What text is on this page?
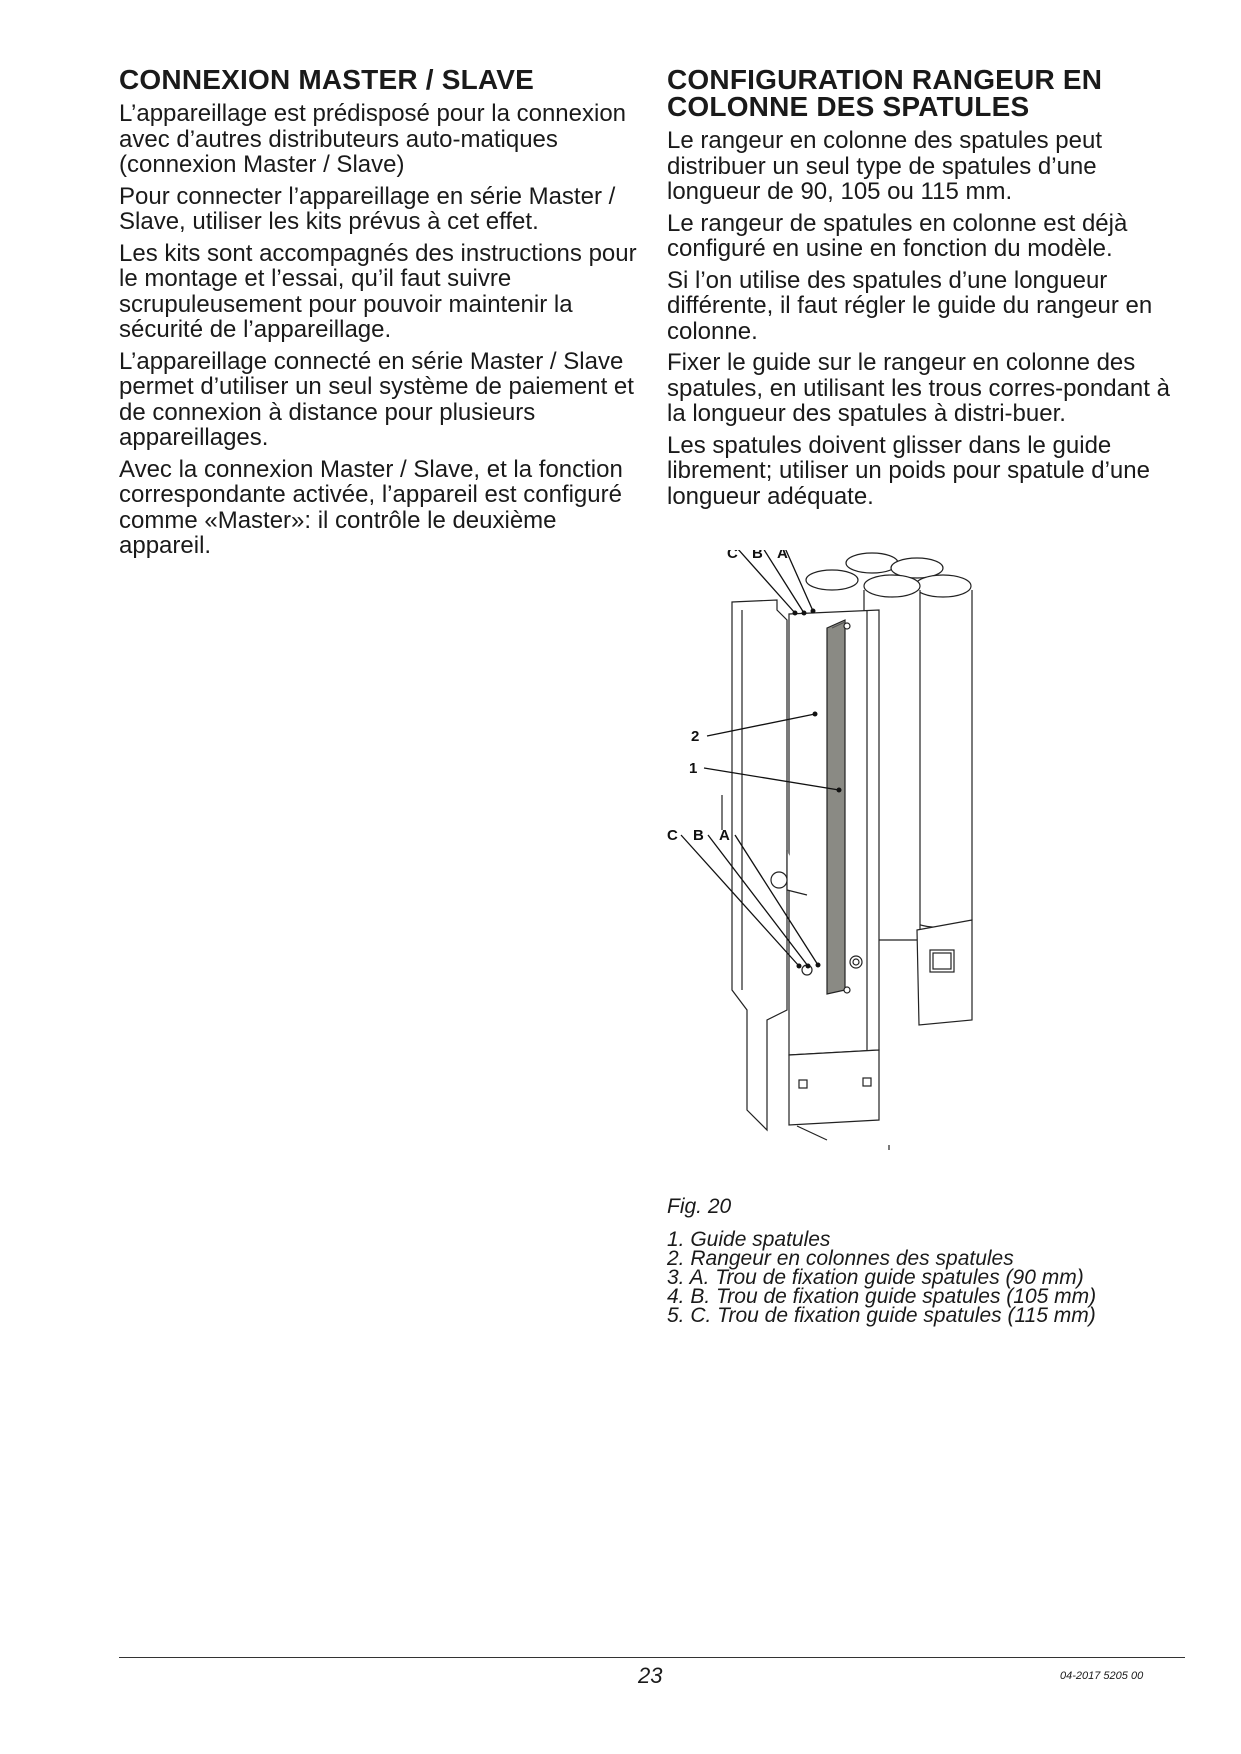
CONNEXION MASTER / SLAVE

L’appareillage est prédisposé pour la connexion avec d’autres distributeurs auto-matiques (connexion Master / Slave)

Pour connecter l’appareillage en série Master / Slave, utiliser les kits prévus à cet effet.

Les kits sont accompagnés des instructions pour le montage et l’essai, qu’il faut suivre scrupuleusement pour pouvoir maintenir la sécurité de l’appareillage.

L’appareillage connecté en série Master / Slave permet d’utiliser un seul système de paiement et de connexion à distance pour plusieurs appareillages.

Avec la connexion Master / Slave, et la fonction correspondante activée, l’appareil est configuré comme «Master»: il contrôle le deuxième appareil.

CONFIGURATION RANGEUR EN
COLONNE DES SPATULES

Le rangeur en colonne des spatules peut distribuer un seul type de spatules d’une longueur de 90, 105 ou 115 mm.

Le rangeur de spatules en colonne est déjà configuré en usine en fonction du modèle.

Si l’on utilise des spatules d’une longueur différente, il faut régler le guide du rangeur en colonne.

Fixer le guide sur le rangeur en colonne des spatules, en utilisant les trous corres-pondant à la longueur des spatules à distri-buer.

Les spatules doivent glisser dans le guide librement; utiliser un poids pour spatule d’une longueur adéquate.

C B A
2
1
C B A
Fig. 20
1. Guide spatules
2. Rangeur en colonnes des spatules
3. A. Trou de fixation guide spatules (90 mm)
4. B. Trou de fixation guide spatules (105 mm)
5. C. Trou de fixation guide spatules (115 mm)
23	04-2017 5205 00
